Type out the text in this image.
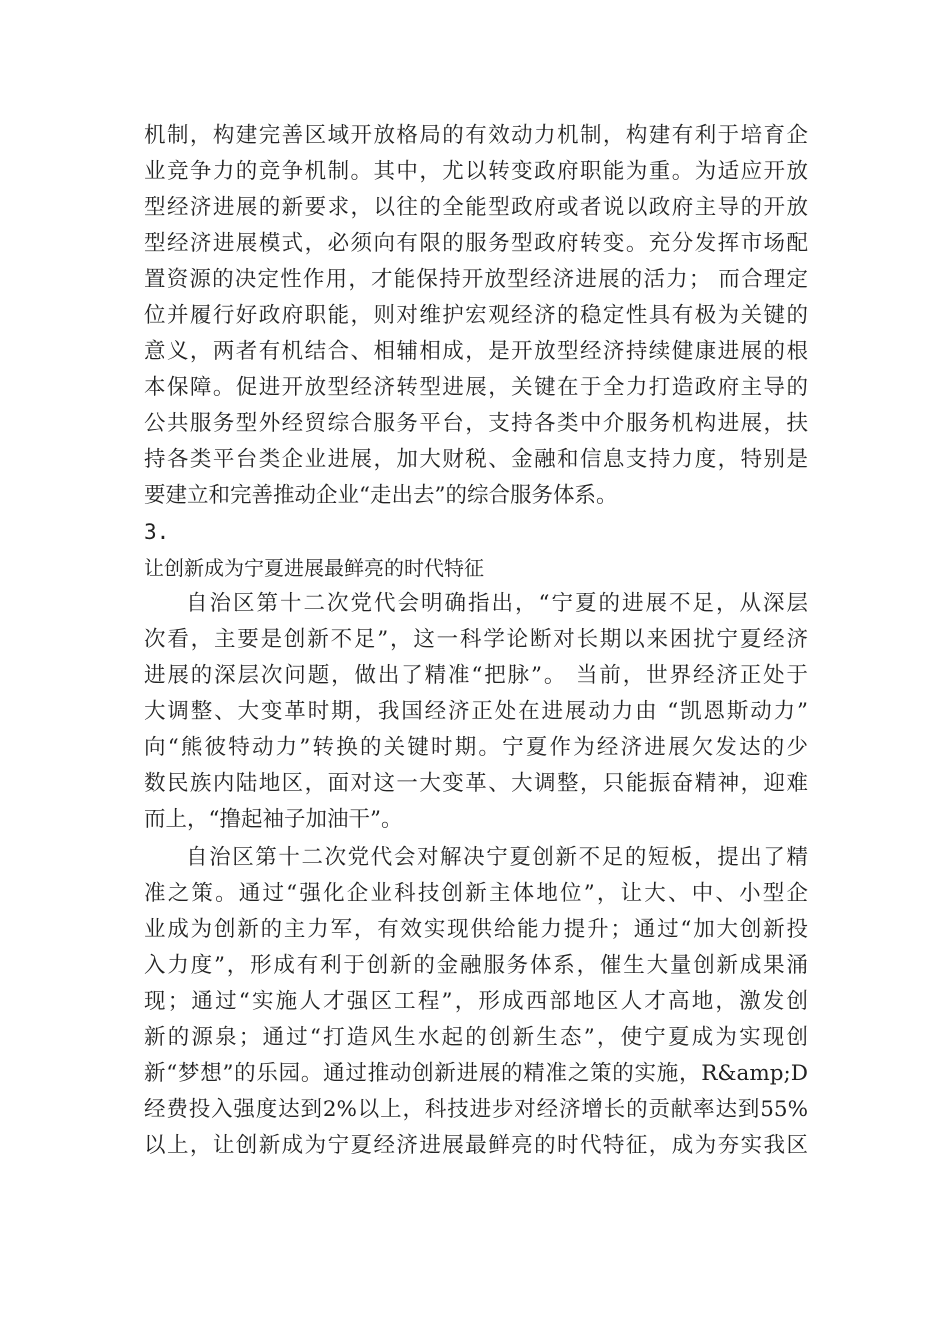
机制，构建完善区域开放格局的有效动力机制，构建有利于培育企
业竞争力的竞争机制。其中，尤以转变政府职能为重。为适应开放
型经济进展的新要求，以往的全能型政府或者说以政府主导的开放
型经济进展模式，必须向有限的服务型政府转变。充分发挥市场配
置资源的决定性作用，才能保持开放型经济进展的活力； 而合理定
位并履行好政府职能，则对维护宏观经济的稳定性具有极为关键的
意义，两者有机结合、相辅相成，是开放型经济持续健康进展的根
本保障。促进开放型经济转型进展，关键在于全力打造政府主导的
公共服务型外经贸综合服务平台，支持各类中介服务机构进展，扶
持各类平台类企业进展，加大财税、金融和信息支持力度，特别是
要建立和完善推动企业“走出去”的综合服务体系。
3.
让创新成为宁夏进展最鲜亮的时代特征
自治区第十二次党代会明确指出，“宁夏的进展不足，从深层
次看，主要是创新不足”，这一科学论断对长期以来困扰宁夏经济
进展的深层次问题，做出了精准“把脉”。 当前，世界经济正处于
大调整、大变革时期，我国经济正处在进展动力由 “凯恩斯动力”
向“熊彼特动力”转换的关键时期。宁夏作为经济进展欠发达的少
数民族内陆地区，面对这一大变革、大调整，只能振奋精神，迎难
而上，“撸起袖子加油干”。
自治区第十二次党代会对解决宁夏创新不足的短板，提出了精
准之策。通过“强化企业科技创新主体地位”，让大、中、小型企
业成为创新的主力军，有效实现供给能力提升；通过“加大创新投
入力度”，形成有利于创新的金融服务体系，催生大量创新成果涌
现；通过“实施人才强区工程”，形成西部地区人才高地，激发创
新的源泉；通过“打造风生水起的创新生态”，使宁夏成为实现创
新“梦想”的乐园。通过推动创新进展的精准之策的实施，R&amp;D
经费投入强度达到2%以上，科技进步对经济增长的贡献率达到55%
以上，让创新成为宁夏经济进展最鲜亮的时代特征，成为夯实我区
